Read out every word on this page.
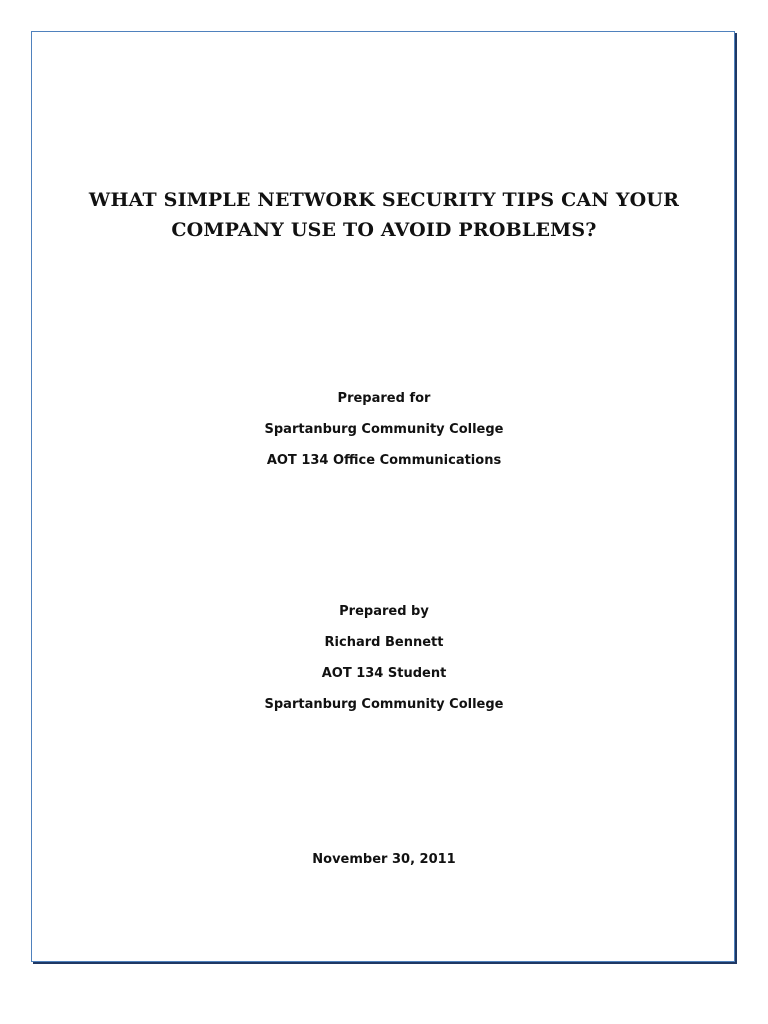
WHAT SIMPLE NETWORK SECURITY TIPS CAN YOUR
COMPANY USE TO AVOID PROBLEMS?
Prepared for
Spartanburg Community College
AOT 134 Office Communications
Prepared by
Richard Bennett
AOT 134 Student
Spartanburg Community College
November 30, 2011
